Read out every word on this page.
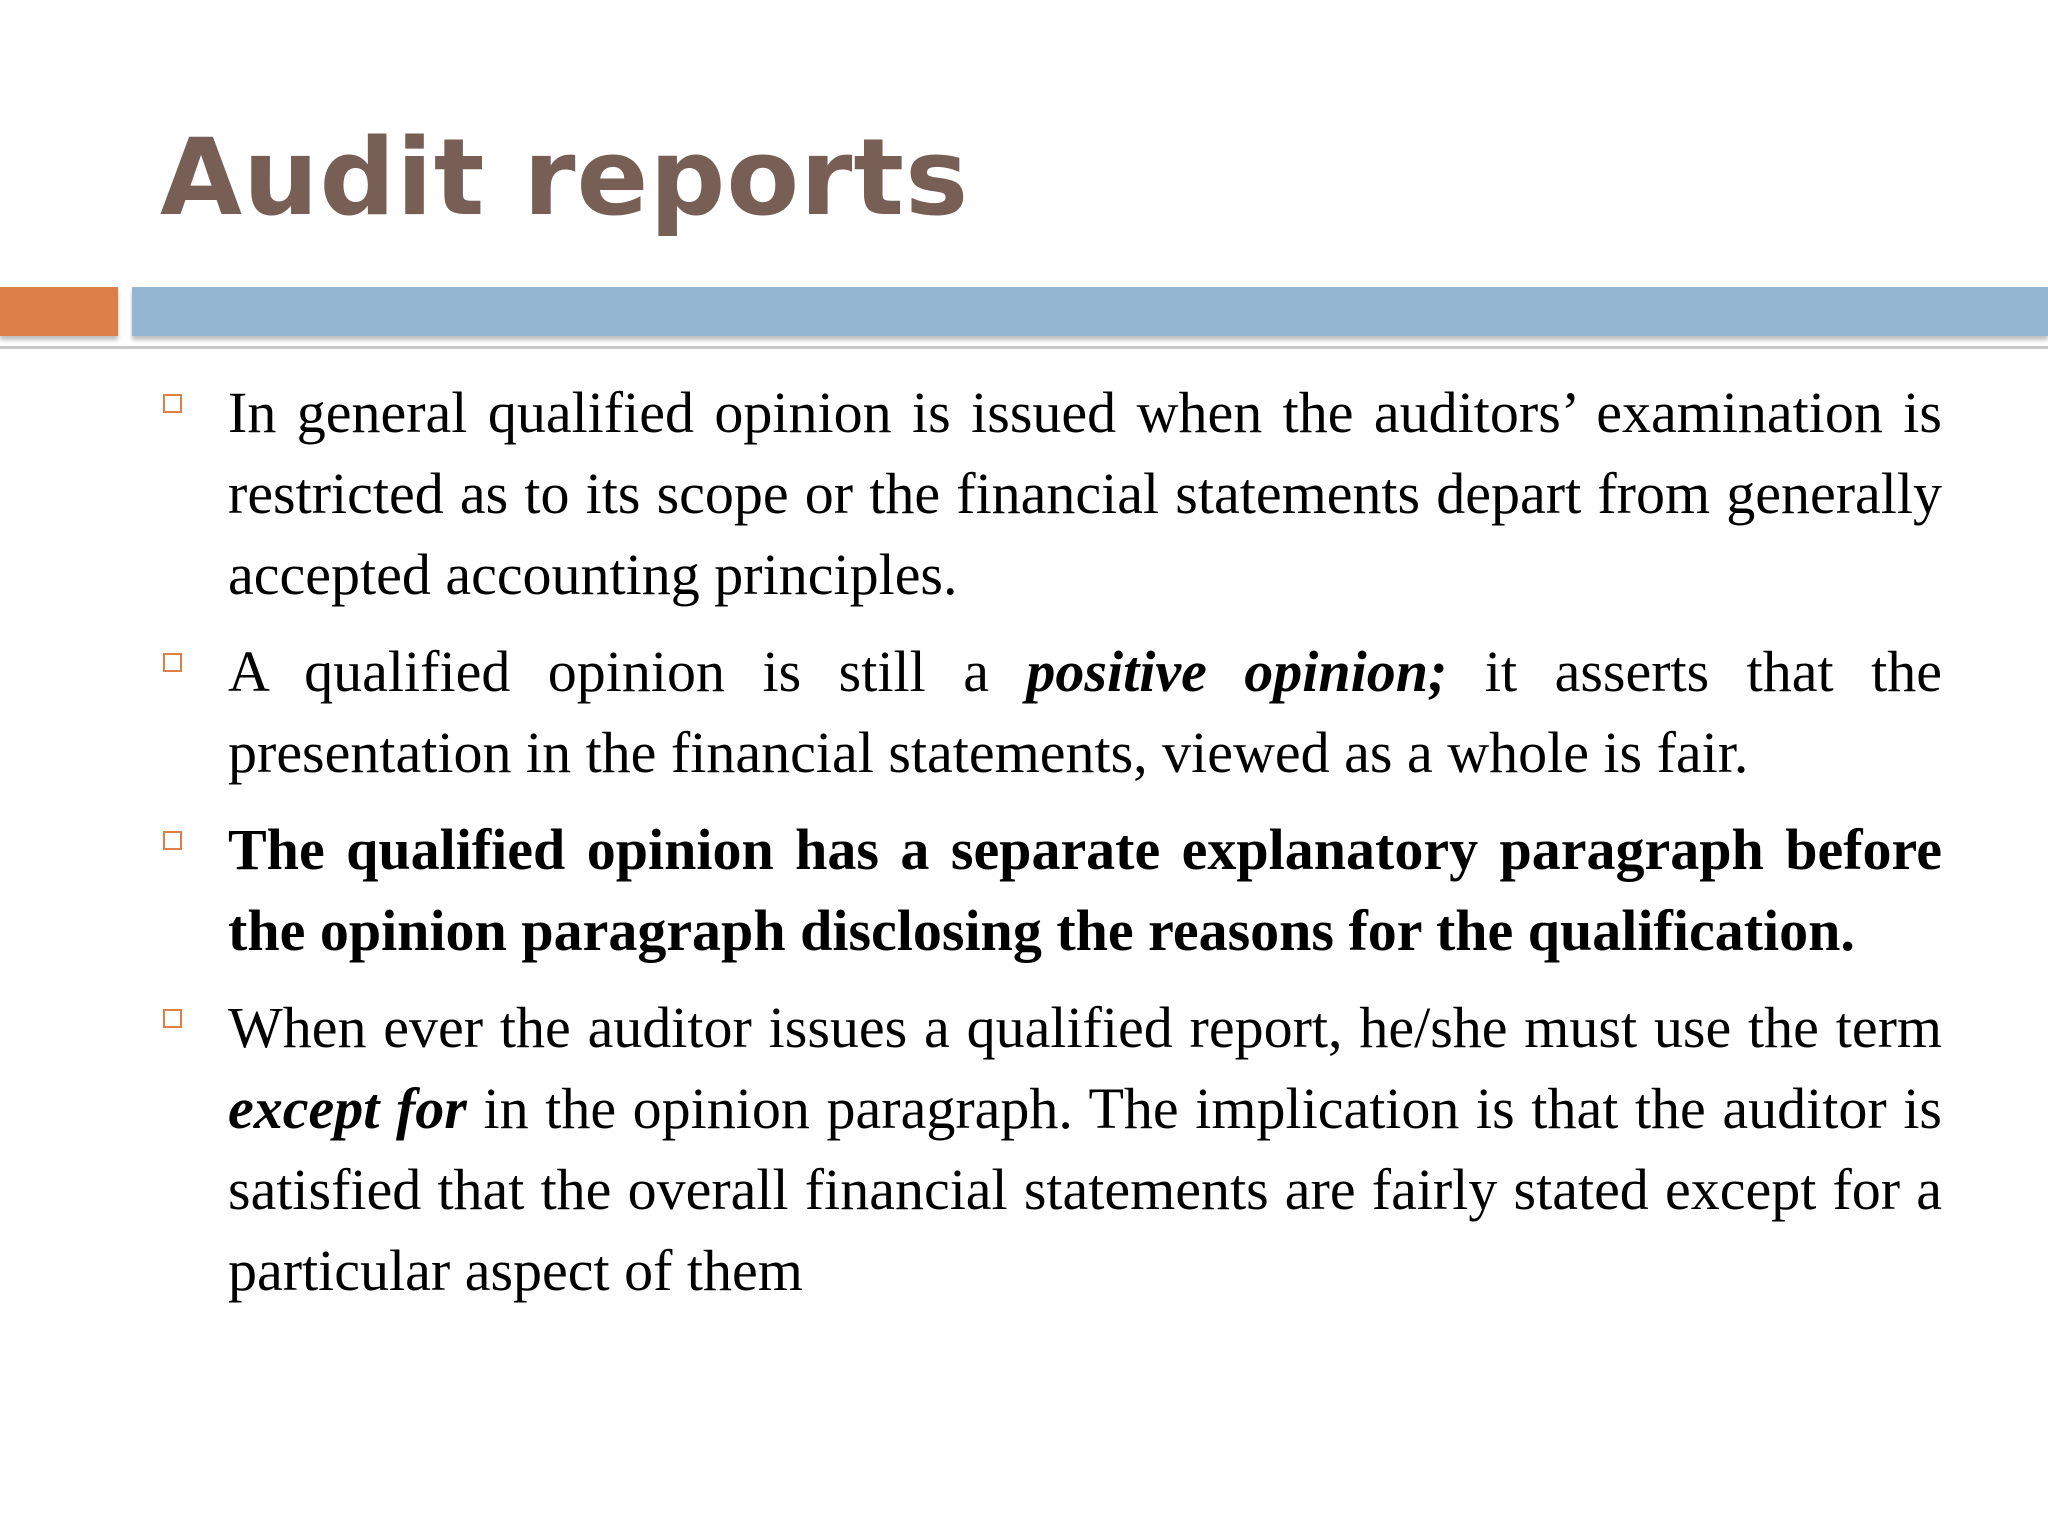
Audit reports
In general qualified opinion is issued when the auditors’ examination is restricted as to its scope or the financial statements depart from generally accepted accounting principles.
A qualified opinion is still a positive opinion; it asserts that the presentation in the financial statements, viewed as a whole is fair.
The qualified opinion has a separate explanatory paragraph before the opinion paragraph disclosing the reasons for the qualification.
When ever the auditor issues a qualified report, he/she must use the term except for in the opinion paragraph. The implication is that the auditor is satisfied that the overall financial statements are fairly stated except for a particular aspect of them
